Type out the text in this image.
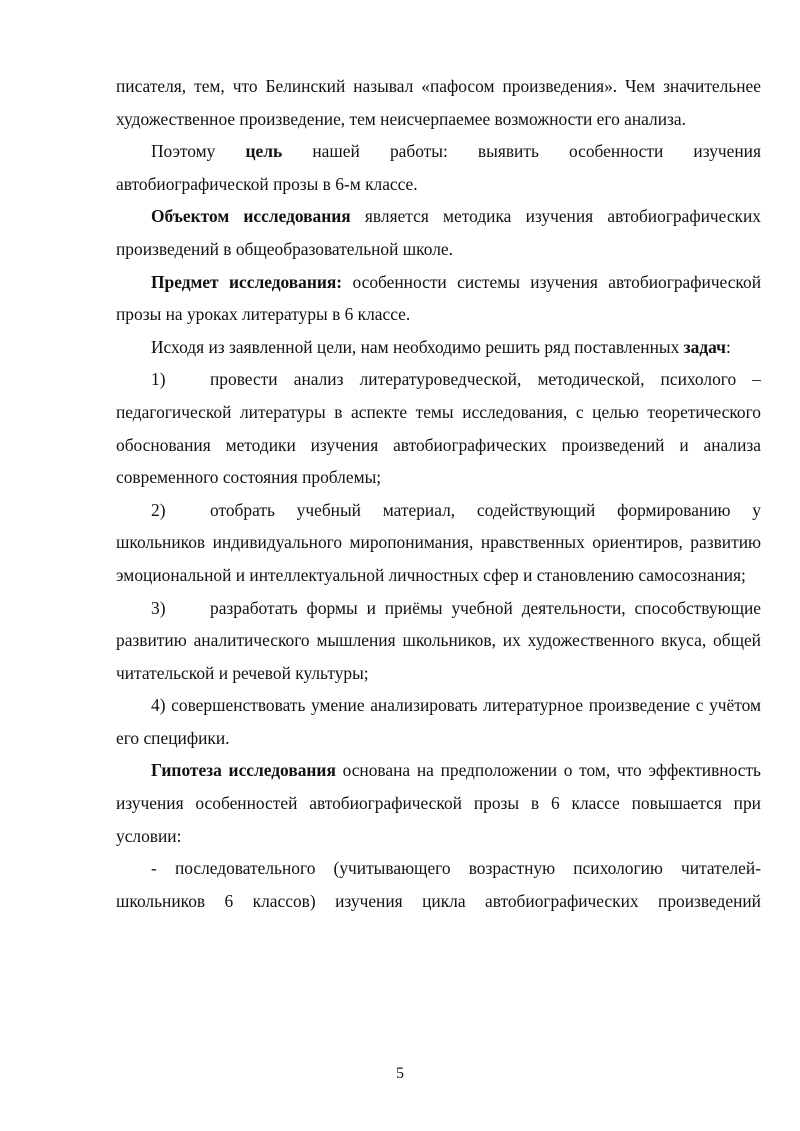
писателя, тем, что Белинский называл «пафосом произведения». Чем значительнее художественное произведение, тем неисчерпаемее возможности его анализа.

Поэтому цель нашей работы: выявить особенности изучения автобиографической прозы в 6-м классе.

Объектом исследования является методика изучения автобиографических произведений в общеобразовательной школе.

Предмет исследования: особенности системы изучения автобиографической прозы на уроках литературы в 6 классе.

Исходя из заявленной цели, нам необходимо решить ряд поставленных задач:

1)	провести анализ литературоведческой, методической, психолого – педагогической литературы в аспекте темы исследования, с целью теоретического обоснования методики изучения автобиографических произведений и анализа современного состояния проблемы;

2)	отобрать учебный материал, содействующий формированию у школьников индивидуального миропонимания, нравственных ориентиров, развитию эмоциональной и интеллектуальной личностных сфер и становлению самосознания;

3)	разработать формы и приёмы учебной деятельности, способствующие развитию аналитического мышления школьников, их художественного вкуса, общей читательской и речевой культуры;

4) совершенствовать умение анализировать литературное произведение с учётом его специфики.

Гипотеза исследования основана на предположении о том, что эффективность изучения особенностей автобиографической прозы в 6 классе повышается при условии:

- последовательного (учитывающего возрастную психологию читателей-школьников 6 классов) изучения цикла автобиографических произведений

5
